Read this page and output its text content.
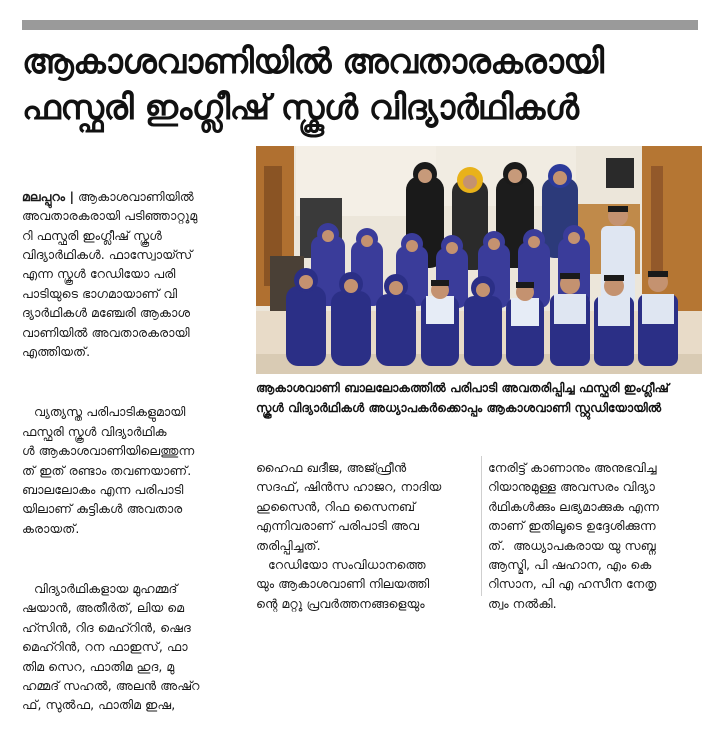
ആകാശവാണിയിൽ അവതാരകരായി
ഫസ്ഫരി ഇംഗ്ലീഷ് സ്കൂൾ വിദ്യാർഥികൾ

മലപ്പുറം | ആകാശവാണിയിൽ
അവതാരകരായി പടിഞ്ഞാറ്റുമു
റി ഫസ്ഫരി ഇംഗ്ലീഷ് സ്കൂൾ
വിദ്യാർഥികൾ. ഫാസ്വോയ്സ്
എന്ന സ്കൂൾ റേഡിയോ പരി
പാടിയുടെ ഭാഗമായാണ് വി
ദ്യാർഥികൾ മഞ്ചേരി ആകാശ
വാണിയിൽ അവതാരകരായി
എത്തിയത്.

വ്യത്യസ്ത പരിപാടികളുമായി
ഫസ്ഫരി സ്കൂൾ വിദ്യാർഥിക
ൾ ആകാശവാണിയിലെത്തുന്ന
ത് ഇത് രണ്ടാം തവണയാണ്.
ബാലലോകം എന്ന പരിപാടി
യിലാണ് കുട്ടികൾ അവതാര
കരായത്.

വിദ്യാർഥികളായ മുഹമ്മദ്
ഷയാൻ, അതീർത്, ലിയ മെ
ഹ്സിൻ, റിദ മെഹ്റിൻ, ഷെദ
മെഹ്റിൻ, റന ഫാഇസ്, ഫാ
തിമ സെറ, ഫാതിമ ഹുദ, മു
ഹമ്മദ് സഹൽ, അലൻ അഷ്റ
ഫ്, സുൽഫ, ഫാതിമ ഇഷ,

ആകാശവാണി ബാലലോകത്തിൽ പരിപാടി അവതരിപ്പിച്ച ഫസ്ഫരി ഇംഗ്ലീഷ്
സ്കൂൾ വിദ്യാർഥികൾ അധ്യാപകർക്കൊപ്പം ആകാശവാണി സ്റ്റുഡിയോയിൽ
ഹൈഫ ഖദീജ, അജ്ഫ്രീൻ
സദഫ്, ഷിൻസ ഹാജറ, നാദിയ
ഹുസൈൻ, റിഫ സൈനബ്
എന്നിവരാണ് പരിപാടി അവ
തരിപ്പിച്ചത്.
റേഡിയോ സംവിധാനത്തെ
യും ആകാശവാണി നിലയത്തി
ന്റെ മറ്റു പ്രവർത്തനങ്ങളെയും
നേരിട്ട് കാണാനും അനുഭവിച്ച
റിയാനുമുള്ള അവസരം വിദ്യാ
ർഥികൾക്കും ലഭ്യമാക്കുക എന്ന
താണ് ഇതിലൂടെ ഉദ്ദേശിക്കുന്ന
ത്.  അധ്യാപകരായ യു സബ്ന
ആസ്മി, പി ഷഹാന, എം കെ
റിസാന, പി എ ഹസീന നേതൃ
ത്വം നൽകി.
